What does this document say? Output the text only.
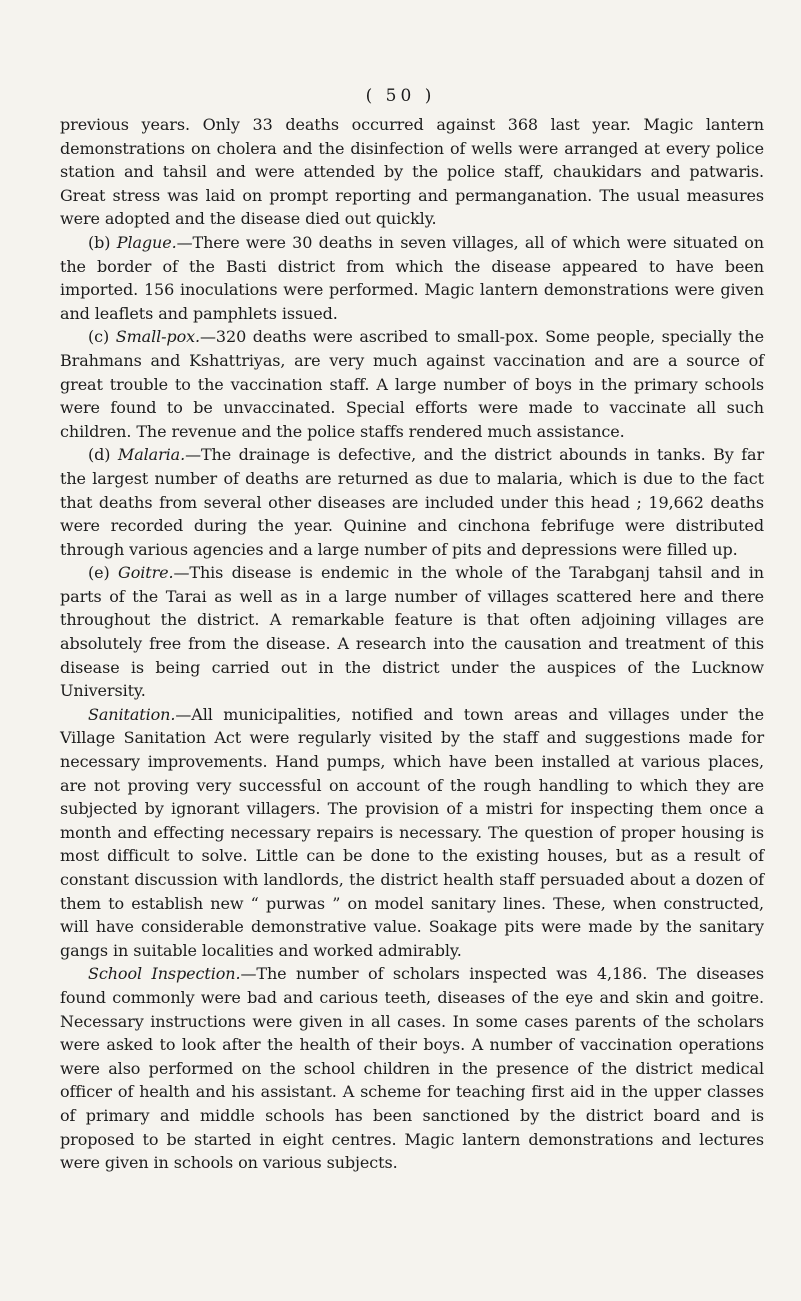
( 50 )

previous years. Only 33 deaths occurred against 368 last year. Magic lantern demonstrations on cholera and the disinfection of wells were arranged at every police station and tahsil and were attended by the police staff, chaukidars and patwaris. Great stress was laid on prompt reporting and permanganation. The usual measures were adopted and the disease died out quickly.

(b) Plague.—There were 30 deaths in seven villages, all of which were situated on the border of the Basti district from which the disease appeared to have been imported. 156 inoculations were performed. Magic lantern demonstrations were given and leaflets and pamphlets issued.

(c) Small-pox.—320 deaths were ascribed to small-pox. Some people, specially the Brahmans and Kshattriyas, are very much against vaccination and are a source of great trouble to the vaccination staff. A large number of boys in the primary schools were found to be unvaccinated. Special efforts were made to vaccinate all such children. The revenue and the police staffs rendered much assistance.

(d) Malaria.—The drainage is defective, and the district abounds in tanks. By far the largest number of deaths are returned as due to malaria, which is due to the fact that deaths from several other diseases are included under this head ; 19,662 deaths were recorded during the year. Quinine and cinchona febrifuge were distributed through various agencies and a large number of pits and depressions were filled up.

(e) Goitre.—This disease is endemic in the whole of the Tarabganj tahsil and in parts of the Tarai as well as in a large number of villages scattered here and there throughout the district. A remarkable feature is that often adjoining villages are absolutely free from the disease. A research into the causation and treatment of this disease is being carried out in the district under the auspices of the Lucknow University.

Sanitation.—All municipalities, notified and town areas and villages under the Village Sanitation Act were regularly visited by the staff and suggestions made for necessary improvements. Hand pumps, which have been installed at various places, are not proving very successful on account of the rough handling to which they are subjected by ignorant villagers. The provision of a mistri for inspecting them once a month and effecting necessary repairs is necessary. The question of proper housing is most difficult to solve. Little can be done to the existing houses, but as a result of constant discussion with landlords, the district health staff persuaded about a dozen of them to establish new “ purwas ” on model sanitary lines. These, when constructed, will have considerable demonstrative value. Soakage pits were made by the sanitary gangs in suitable localities and worked admirably.

School Inspection.—The number of scholars inspected was 4,186. The diseases found commonly were bad and carious teeth, diseases of the eye and skin and goitre. Necessary instructions were given in all cases. In some cases parents of the scholars were asked to look after the health of their boys. A number of vaccination operations were also performed on the school children in the presence of the district medical officer of health and his assistant. A scheme for teaching first aid in the upper classes of primary and middle schools has been sanctioned by the district board and is proposed to be started in eight centres. Magic lantern demonstrations and lectures were given in schools on various subjects.
